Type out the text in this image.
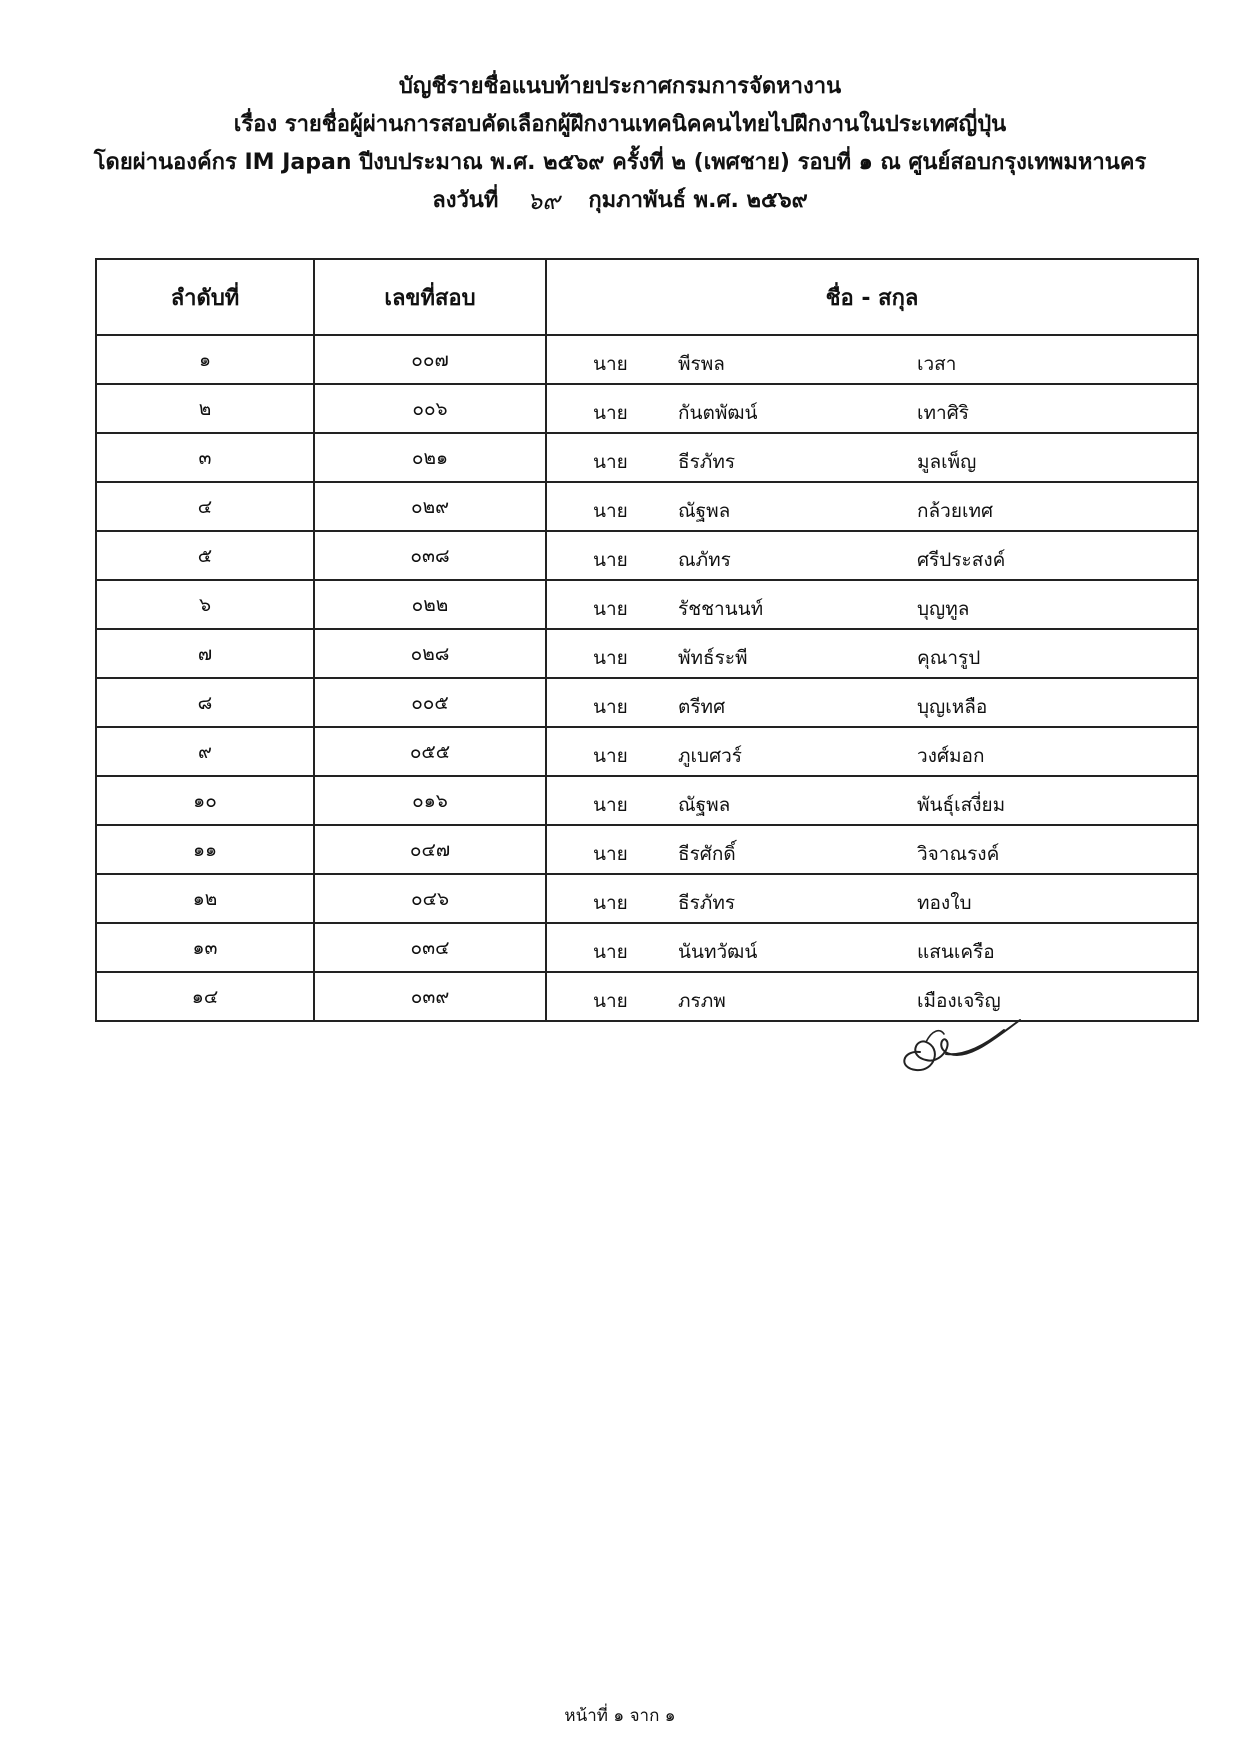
บัญชีรายชื่อแนบท้ายประกาศกรมการจัดหางาน
เรื่อง รายชื่อผู้ผ่านการสอบคัดเลือกผู้ฝึกงานเทคนิคคนไทยไปฝึกงานในประเทศญี่ปุ่น
โดยผ่านองค์กร IM Japan ปีงบประมาณ พ.ศ. ๒๕๖๙ ครั้งที่ ๒ (เพศชาย) รอบที่ ๑ ณ ศูนย์สอบกรุงเทพมหานคร
ลงวันที่	๖๙	กุมภาพันธ์ พ.ศ. ๒๕๖๙
ลำดับที่	เลขที่สอบ	ชื่อ - สกุล
๑	๐๐๗	นาย พีรพล เวสา

๒	๐๐๖	นาย กันตพัฒน์ เทาศิริ

๓	๐๒๑	นาย ธีรภัทร มูลเพ็ญ

๔	๐๒๙	นาย ณัฐพล กล้วยเทศ

๕	๐๓๘	นาย ณภัทร ศรีประสงค์

๖	๐๒๒	นาย รัชชานนท์ บุญทูล

๗	๐๒๘	นาย พัทธ์ระพี คุณารูป

๘	๐๐๕	นาย ตรีทศ บุญเหลือ

๙	๐๕๕	นาย ภูเบศวร์ วงศ์มอก

๑๐	๐๑๖	นาย ณัฐพล พันธุ์เสงี่ยม

๑๑	๐๔๗	นาย ธีรศักดิ์ วิจาณรงค์

๑๒	๐๔๖	นาย ธีรภัทร ทองใบ

๑๓	๐๓๔	นาย นันทวัฒน์ แสนเครือ

๑๔	๐๓๙	นาย ภรภพ เมืองเจริญ
หน้าที่ ๑ จาก ๑
